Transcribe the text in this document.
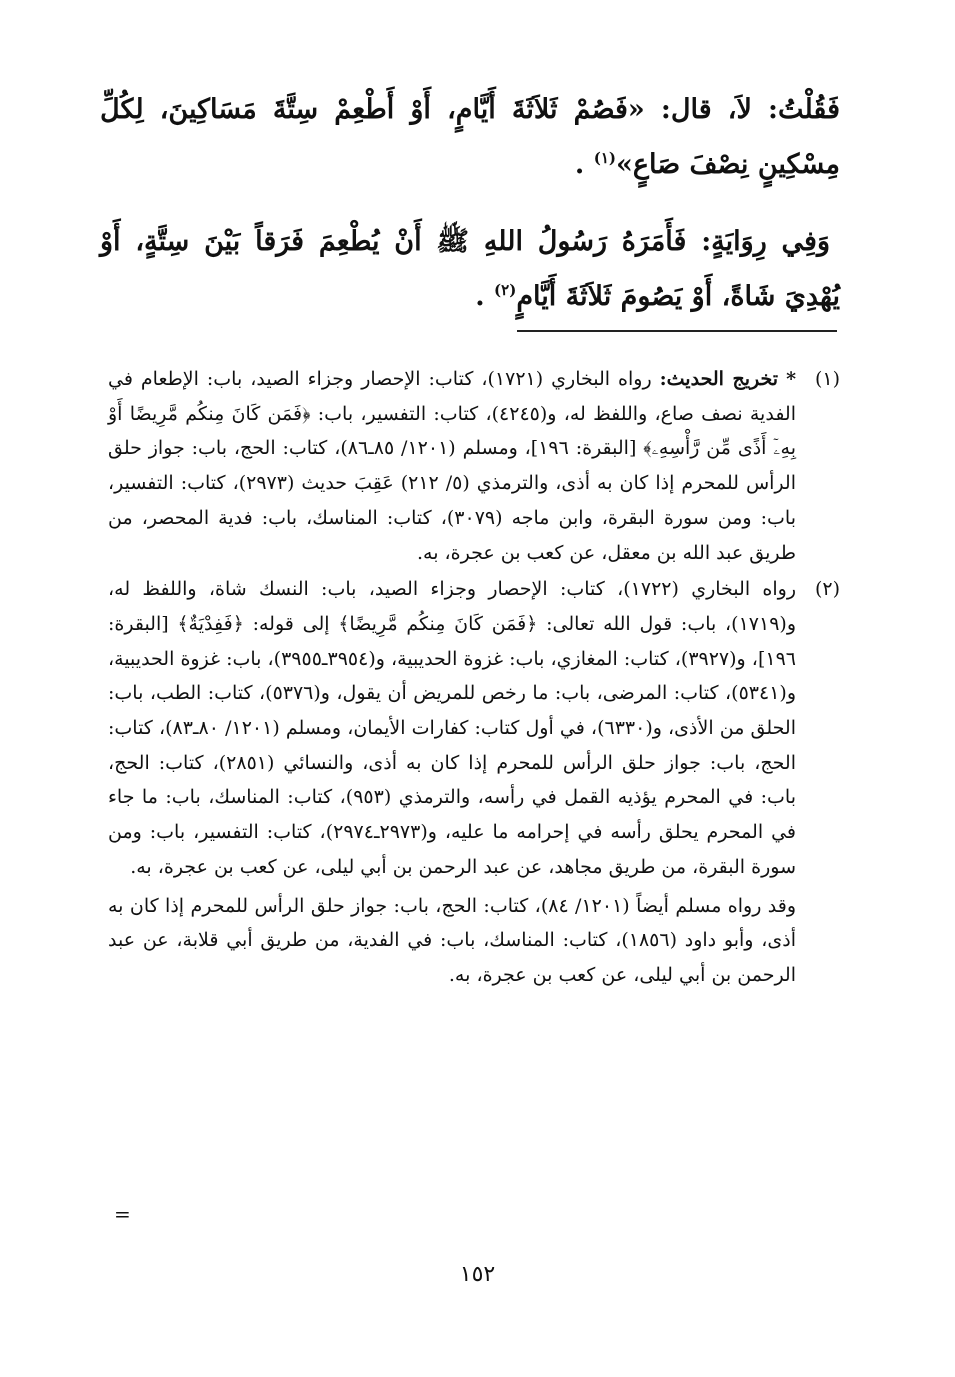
فَقُلْتُ: لاَ، قال: «فَصُمْ ثَلاَثَةَ أَيَّامٍ، أَوْ أَطْعِمْ سِتَّةَ مَسَاكِينَ، لِكُلِّ مِسْكِينٍ نِصْفَ صَاعٍ»$^{(١)}$ .

وَفِي رِوَايَةٍ: فَأَمَرَهُ رَسُولُ اللهِ ﷺ أَنْ يُطْعِمَ فَرَقاً بَيْنَ سِتَّةٍ، أَوْ يُهْدِيَ شَاةً، أَوْ يَصُومَ ثَلاَثَةَ أَيَّامٍ$^{(٢)}$ .

(١)
* تخريج الحديث: رواه البخاري (١٧٢١)، كتاب: الإحصار وجزاء الصيد، باب: الإطعام في الفدية نصف صاع، واللفظ له، و(٤٢٤٥)، كتاب: التفسير، باب: ﴿فَمَن كَانَ مِنكُم مَّرِيضًا أَوْ بِهِۦٓ أَذًى مِّن رَّأْسِهِۦ﴾ [البقرة: ١٩٦]، ومسلم (١٢٠١/ ٨٥ـ٨٦)، كتاب: الحج، باب: جواز حلق الرأس للمحرم إذا كان به أذى، والترمذي (٥/ ٢١٢) عَقِبَ حديث (٢٩٧٣)، كتاب: التفسير، باب: ومن سورة البقرة، وابن ماجه (٣٠٧٩)، كتاب: المناسك، باب: فدية المحصر، من طريق عبد الله بن معقل، عن كعب بن عجرة، به.
(٢)
رواه البخاري (١٧٢٢)، كتاب: الإحصار وجزاء الصيد، باب: النسك شاة، واللفظ له، و(١٧١٩)، باب: قول الله تعالى: ﴿فَمَن كَانَ مِنكُم مَّرِيضًا﴾ إلى قوله: ﴿فَفِدْيَةٌ﴾ [البقرة: ١٩٦]، و(٣٩٢٧)، كتاب: المغازي، باب: غزوة الحديبية، و(٣٩٥٤ـ٣٩٥٥)، باب: غزوة الحديبية، و(٥٣٤١)، كتاب: المرضى، باب: ما رخص للمريض أن يقول، و(٥٣٧٦)، كتاب: الطب، باب: الحلق من الأذى، و(٦٣٣٠)، في أول كتاب: كفارات الأيمان، ومسلم (١٢٠١/ ٨٠ـ٨٣)، كتاب: الحج، باب: جواز حلق الرأس للمحرم إذا كان به أذى، والنسائي (٢٨٥١)، كتاب: الحج، باب: في المحرم يؤذيه القمل في رأسه، والترمذي (٩٥٣)، كتاب: المناسك، باب: ما جاء في المحرم يحلق رأسه في إحرامه ما عليه، و(٢٩٧٣ـ٢٩٧٤)، كتاب: التفسير، باب: ومن سورة البقرة، من طريق مجاهد، عن عبد الرحمن بن أبي ليلى، عن كعب بن عجرة، به.

وقد رواه مسلم أيضاً (١٢٠١/ ٨٤)، كتاب: الحج، باب: جواز حلق الرأس للمحرم إذا كان به أذى، وأبو داود (١٨٥٦)، كتاب: المناسك، باب: في الفدية، من طريق أبي قلابة، عن عبد الرحمن بن أبي ليلى، عن كعب بن عجرة، به.

=
١٥٢
